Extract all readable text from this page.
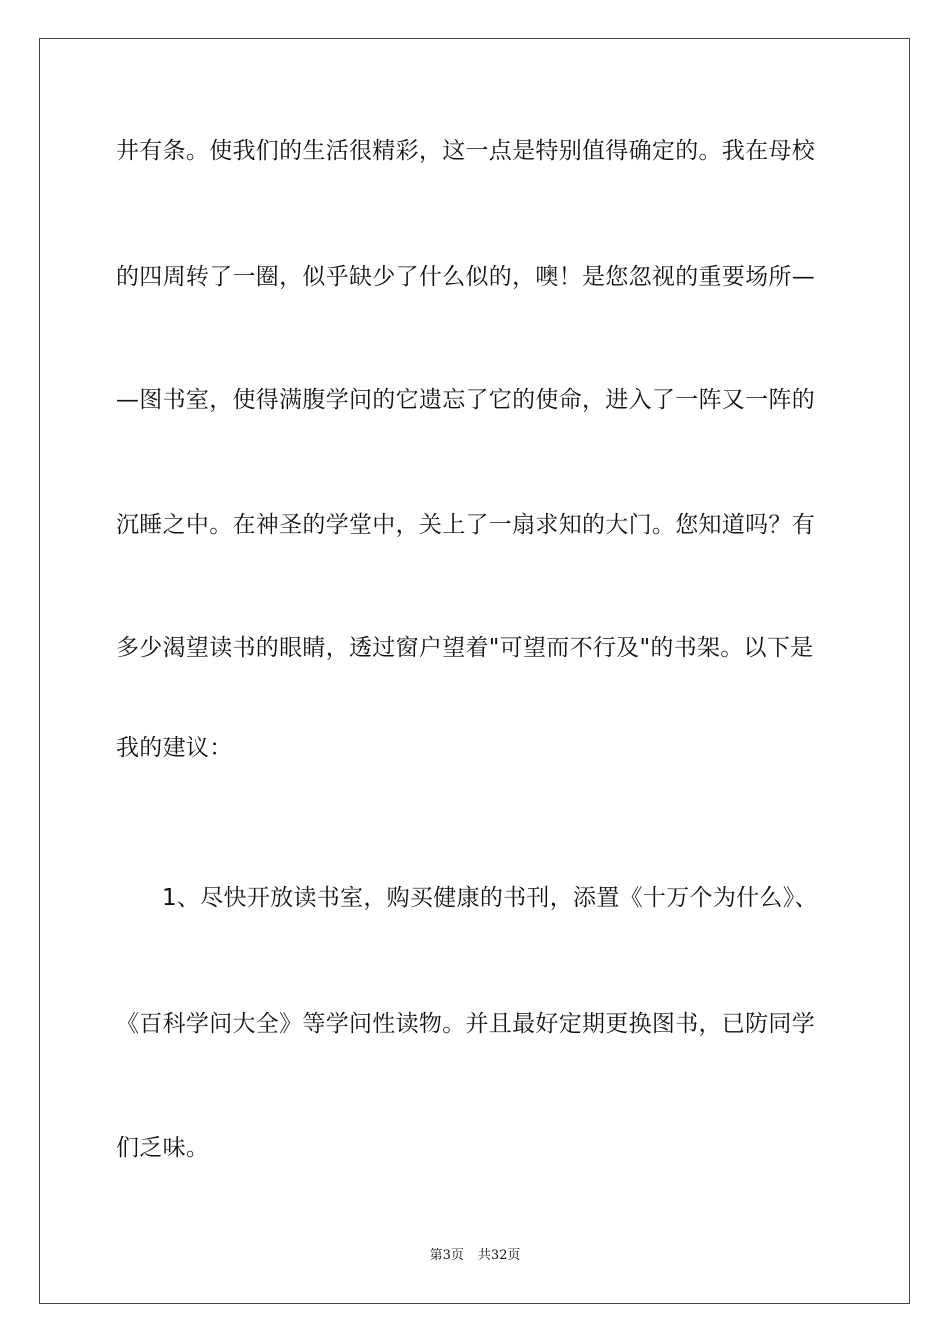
井有条。使我们的生活很精彩，这一点是特别值得确定的。我在母校
的四周转了一圈，似乎缺少了什么似的，噢！是您忽视的重要场所—
—图书室，使得满腹学问的它遗忘了它的使命，进入了一阵又一阵的
沉睡之中。在神圣的学堂中，关上了一扇求知的大门。您知道吗？有
多少渴望读书的眼睛，透过窗户望着"可望而不行及"的书架。以下是
我的建议：
1、尽快开放读书室，购买健康的书刊，添置《十万个为什么》、
《百科学问大全》等学问性读物。并且最好定期更换图书，已防同学
们乏味。
第3页 共32页
